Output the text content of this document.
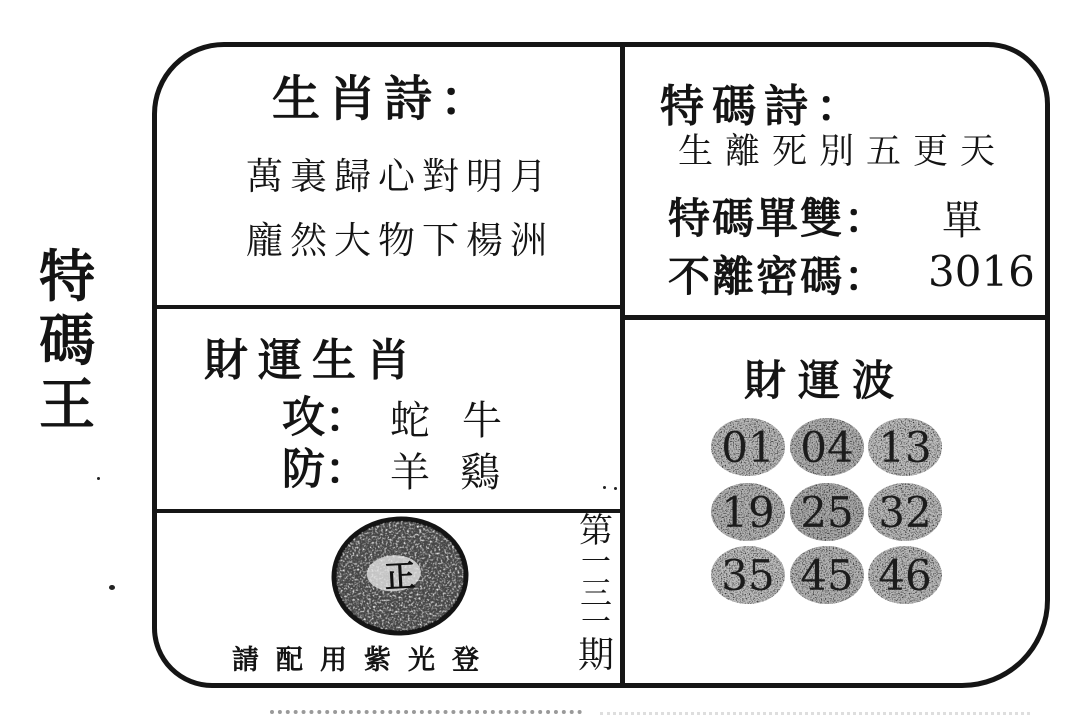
特
碼
王
生肖詩：
萬裏歸心對明月
龐然大物下楊洲
特碼詩：
生離死別五更天
特碼單雙： 單
不離密碼： 3016
財運生肖
攻： 蛇 牛
防： 羊 鷄
正
請配用紫光登
第
一
三
一
期
財運波
01 04 13
19 25 32
35 45 46
